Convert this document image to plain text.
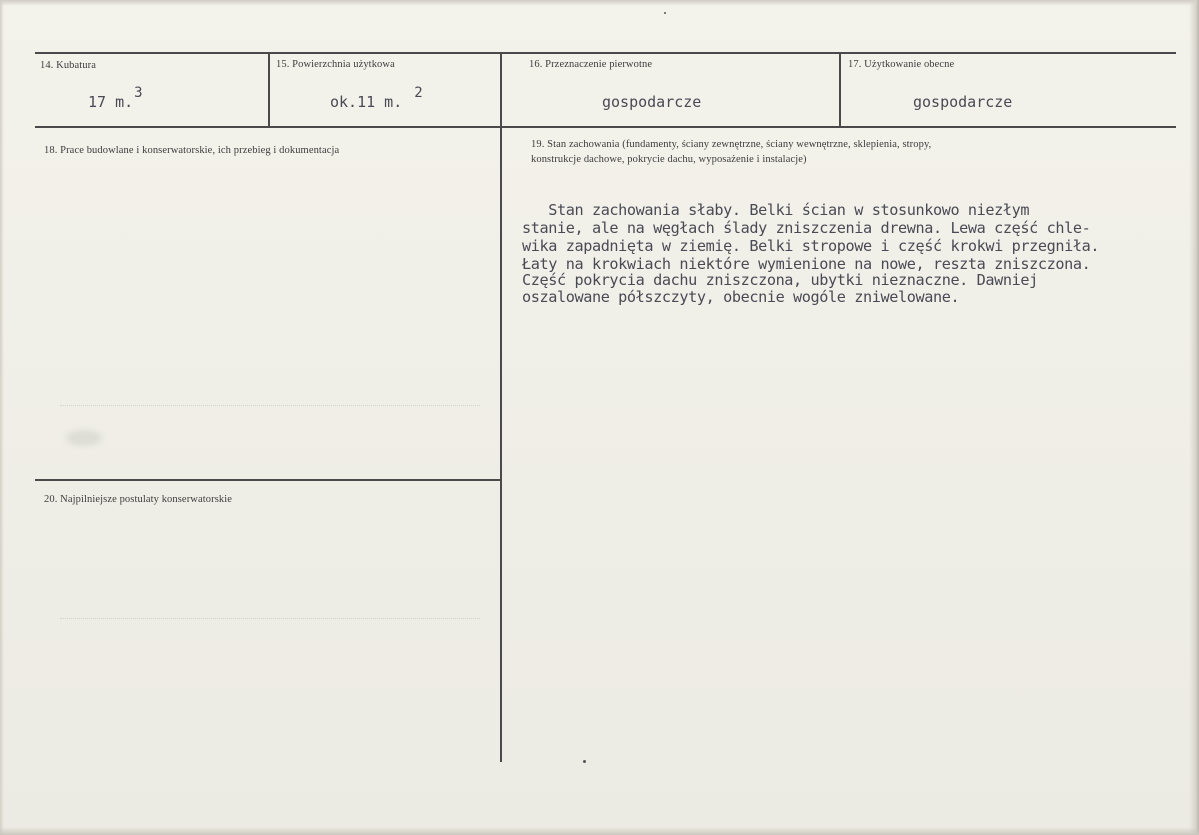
14. Kubatura
17 m.3
15. Powierzchnia użytkowa
ok.11 m. 2
16. Przeznaczenie pierwotne
gospodarcze
17. Użytkowanie obecne
gospodarcze
18. Prace budowlane i konserwatorskie, ich przebieg i dokumentacja
19. Stan zachowania (fundamenty, ściany zewnętrzne, ściany wewnętrzne, sklepienia, stropy,
konstrukcje dachowe, pokrycie dachu, wyposażenie i instalacje)
Stan zachowania słaby. Belki ścian w stosunkowo niezłym
stanie, ale na węgłach ślady zniszczenia drewna. Lewa część chle-
wika zapadnięta w ziemię. Belki stropowe i część krokwi przegniła.
Łaty na krokwiach niektóre wymienione na nowe, reszta zniszczona.
Część pokrycia dachu zniszczona, ubytki nieznaczne. Dawniej
oszalowane półszczyty, obecnie wogóle zniwelowane.
20. Najpilniejsze postulaty konserwatorskie
